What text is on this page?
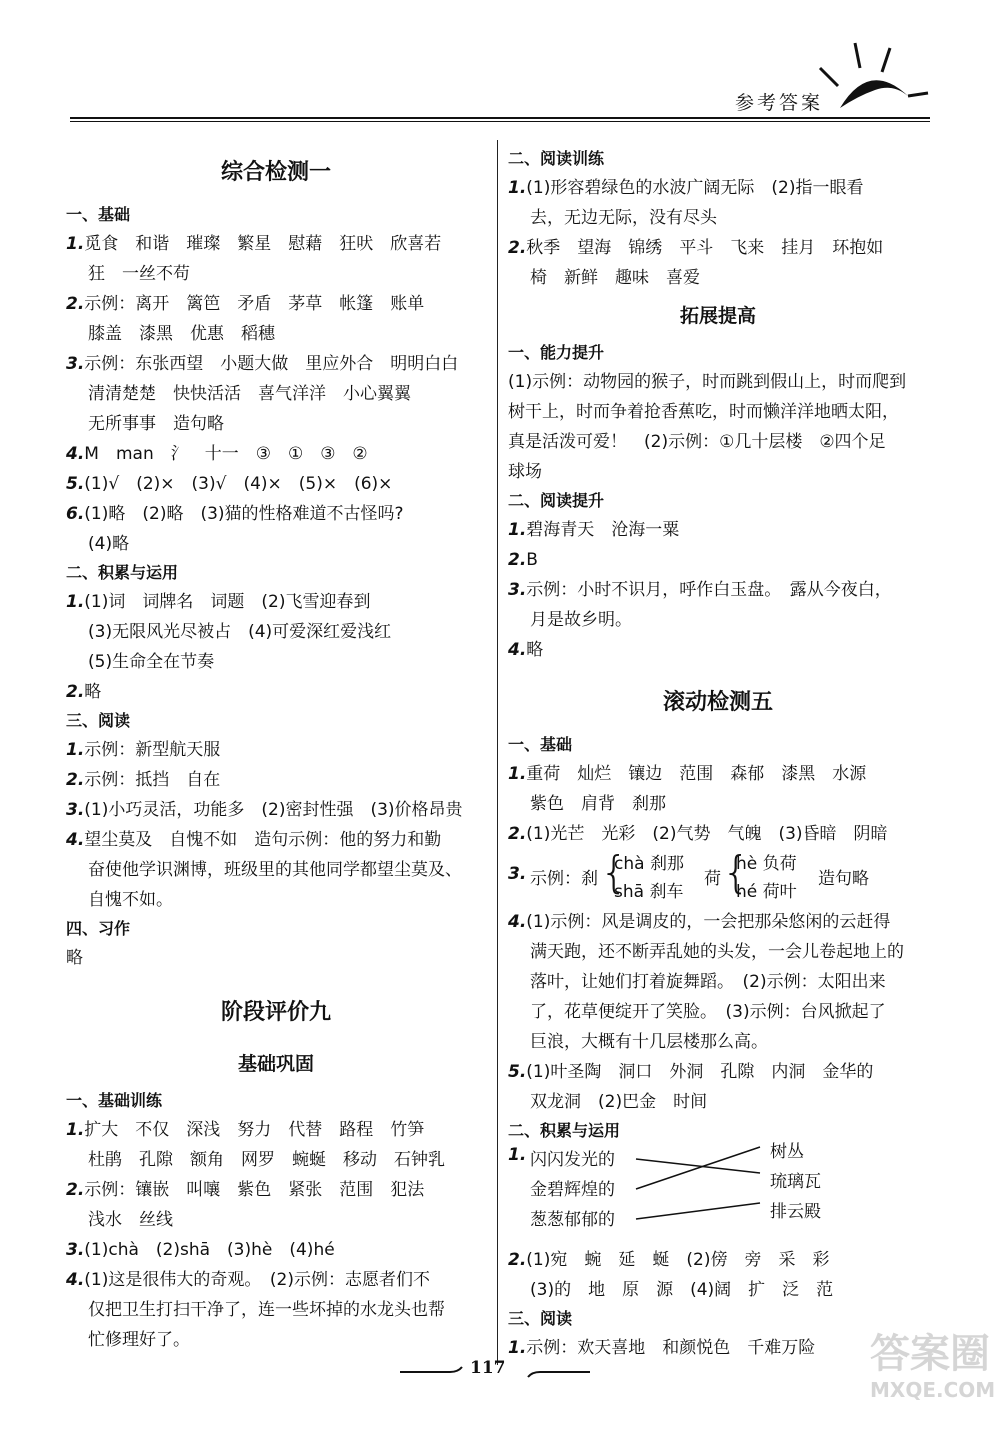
参考答案
综合检测一
一、基础
1.觅食　和谐　璀璨　繁星　慰藉　狂吠　欣喜若
狂　一丝不苟
2.示例：离开　篱笆　矛盾　茅草　帐篷　账单
膝盖　漆黑　优惠　稻穗
3.示例：东张西望　小题大做　里应外合　明明白白
清清楚楚　快快活活　喜气洋洋　小心翼翼
无所事事　造句略
4.M　man　氵　十一　③　①　③　②
5.(1)√　(2)×　(3)√　(4)×　(5)×　(6)×
6.(1)略　(2)略　(3)猫的性格难道不古怪吗?
(4)略
二、积累与运用
1.(1)词　词牌名　词题　(2)飞雪迎春到
(3)无限风光尽被占　(4)可爱深红爱浅红
(5)生命全在节奏
2.略
三、阅读
1.示例：新型航天服
2.示例：抵挡　自在
3.(1)小巧灵活，功能多　(2)密封性强　(3)价格昂贵
4.望尘莫及　自愧不如　造句示例：他的努力和勤
奋使他学识渊博，班级里的其他同学都望尘莫及、
自愧不如。
四、习作
略
阶段评价九
基础巩固
一、基础训练
1.扩大　不仅　深浅　努力　代替　路程　竹笋
杜鹃　孔隙　额角　网罗　蜿蜒　移动　石钟乳
2.示例：镶嵌　叫嚷　紫色　紧张　范围　犯法
浅水　丝线
3.(1)chà　(2)shā　(3)hè　(4)hé
4.(1)这是很伟大的奇观。　(2)示例：志愿者们不
仅把卫生打扫干净了，连一些坏掉的水龙头也帮
忙修理好了。
二、阅读训练
1.(1)形容碧绿色的水波广阔无际　(2)指一眼看
去，无边无际，没有尽头
2.秋季　望海　锦绣　平斗　飞来　挂月　环抱如
椅　新鲜　趣味　喜爱
拓展提高
一、能力提升
(1)示例：动物园的猴子，时而跳到假山上，时而爬到
树干上，时而争着抢香蕉吃，时而懒洋洋地晒太阳，
真是活泼可爱！　(2)示例：①几十层楼　②四个足
球场
二、阅读提升
1.碧海青天　沧海一粟
2.B
3.示例：小时不识月，呼作白玉盘。　露从今夜白，
月是故乡明。
4.略
滚动检测五
一、基础
1.重荷　灿烂　镶边　范围　森郁　漆黑　水源
紫色　肩背　刹那
2.(1)光芒　光彩　(2)气势　气魄　(3)昏暗　阴暗
3. 示例：刹 {
chà 刹那
shā 刹车
荷 {
hè 负荷
hé 荷叶
造句略
4.(1)示例：风是调皮的，一会把那朵悠闲的云赶得
满天跑，还不断弄乱她的头发，一会儿卷起地上的
落叶，让她们打着旋舞蹈。　(2)示例：太阳出来
了，花草便绽开了笑脸。　(3)示例：台风掀起了
巨浪，大概有十几层楼那么高。
5.(1)叶圣陶　洞口　外洞　孔隙　内洞　金华的
双龙洞　(2)巴金　时间
二、积累与运用
1. 闪闪发光的
金碧辉煌的
葱葱郁郁的
树丛
琉璃瓦
排云殿
2.(1)宛　蜿　延　蜒　(2)傍　旁　采　彩
(3)的　地　原　源　(4)阔　扩　泛　范
三、阅读
1.示例：欢天喜地　和颜悦色　千难万险
117	答案圈
MXQE.COM
